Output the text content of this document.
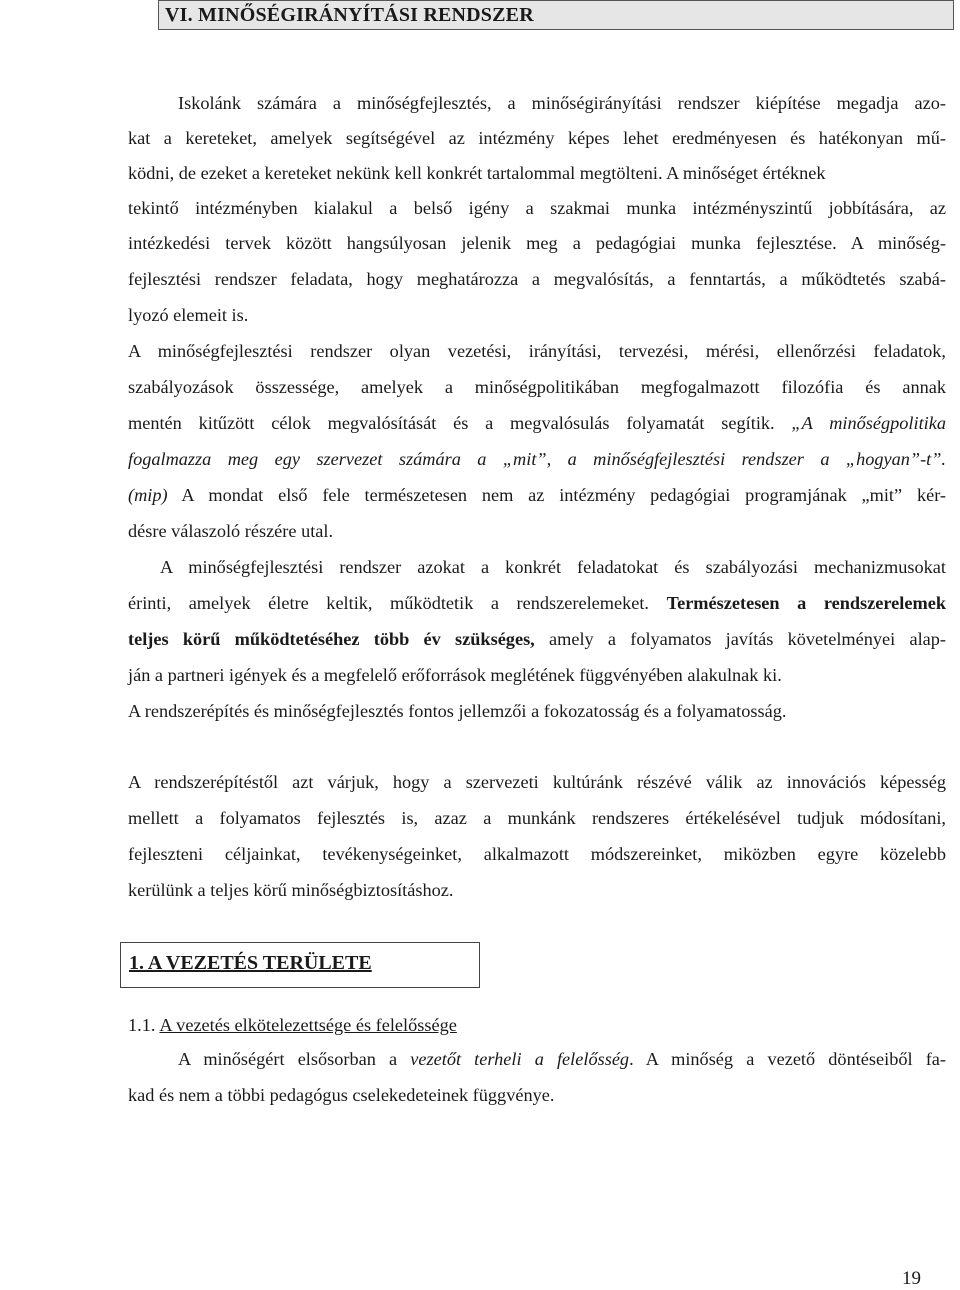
VI. MINŐSÉGIRÁNYÍTÁSI RENDSZER
Iskolánk számára a minőségfejlesztés, a minőségirányítási rendszer kiépítése megadja azo-
kat a kereteket, amelyek segítségével az intézmény képes lehet eredményesen és hatékonyan mű-
ködni, de ezeket a kereteket nekünk kell konkrét tartalommal megtölteni. A minőséget értéknek
tekintő intézményben kialakul a belső igény a szakmai munka intézményszintű jobbítására, az
intézkedési tervek között hangsúlyosan jelenik meg a pedagógiai munka fejlesztése. A minőség-
fejlesztési rendszer feladata, hogy meghatározza a megvalósítás, a fenntartás, a működtetés szabá-
lyozó elemeit is.
A minőségfejlesztési rendszer olyan vezetési, irányítási, tervezési, mérési, ellenőrzési feladatok,
szabályozások összessége, amelyek a minőségpolitikában megfogalmazott filozófia és annak
mentén kitűzött célok megvalósítását és a megvalósulás folyamatát segítik. „A minőségpolitika
fogalmazza meg egy szervezet számára a „mit”, a minőségfejlesztési rendszer a „hogyan”-t”.
(mip) A mondat első fele természetesen nem az intézmény pedagógiai programjának „mit” kér-
désre válaszoló részére utal.
A minőségfejlesztési rendszer azokat a konkrét feladatokat és szabályozási mechanizmusokat
érinti, amelyek életre keltik, működtetik a rendszerelemeket. Természetesen a rendszerelemek
teljes körű működtetéséhez több év szükséges, amely a folyamatos javítás követelményei alap-
ján a partneri igények és a megfelelő erőforrások meglétének függvényében alakulnak ki.
A rendszerépítés és minőségfejlesztés fontos jellemzői a fokozatosság és a folyamatosság.
A rendszerépítéstől azt várjuk, hogy a szervezeti kultúránk részévé válik az innovációs képesség
mellett a folyamatos fejlesztés is, azaz a munkánk rendszeres értékelésével tudjuk módosítani,
fejleszteni céljainkat, tevékenységeinket, alkalmazott módszereinket, miközben egyre közelebb
kerülünk a teljes körű minőségbiztosításhoz.
1. A VEZETÉS TERÜLETE
1.1. A vezetés elkötelezettsége és felelőssége
A minőségért elsősorban a vezetőt terheli a felelősség. A minőség a vezető döntéseiből fa-
kad és nem a többi pedagógus cselekedeteinek függvénye.
19
